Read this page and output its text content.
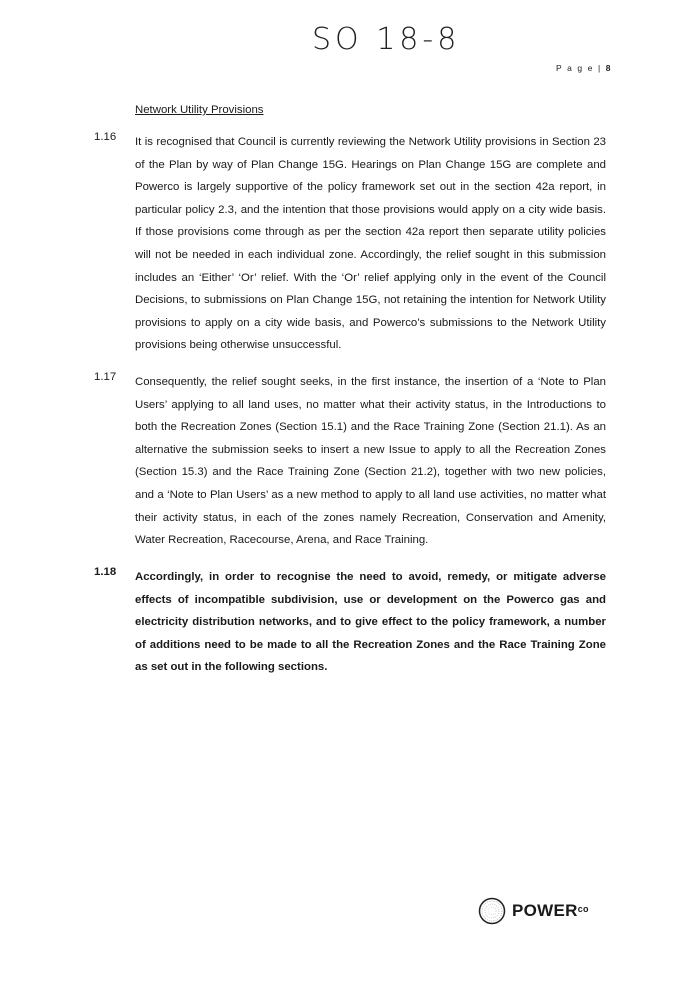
SO 18-8
P a g e | 8
Network Utility Provisions
1.16 It is recognised that Council is currently reviewing the Network Utility provisions in Section 23 of the Plan by way of Plan Change 15G. Hearings on Plan Change 15G are complete and Powerco is largely supportive of the policy framework set out in the section 42a report, in particular policy 2.3, and the intention that those provisions would apply on a city wide basis. If those provisions come through as per the section 42a report then separate utility policies will not be needed in each individual zone. Accordingly, the relief sought in this submission includes an ‘Either’ ‘Or’ relief. With the ‘Or’ relief applying only in the event of the Council Decisions, to submissions on Plan Change 15G, not retaining the intention for Network Utility provisions to apply on a city wide basis, and Powerco’s submissions to the Network Utility provisions being otherwise unsuccessful.
1.17 Consequently, the relief sought seeks, in the first instance, the insertion of a ‘Note to Plan Users’ applying to all land uses, no matter what their activity status, in the Introductions to both the Recreation Zones (Section 15.1) and the Race Training Zone (Section 21.1). As an alternative the submission seeks to insert a new Issue to apply to all the Recreation Zones (Section 15.3) and the Race Training Zone (Section 21.2), together with two new policies, and a ‘Note to Plan Users’ as a new method to apply to all land use activities, no matter what their activity status, in each of the zones namely Recreation, Conservation and Amenity, Water Recreation, Racecourse, Arena, and Race Training.
1.18 Accordingly, in order to recognise the need to avoid, remedy, or mitigate adverse effects of incompatible subdivision, use or development on the Powerco gas and electricity distribution networks, and to give effect to the policy framework, a number of additions need to be made to all the Recreation Zones and the Race Training Zone as set out in the following sections.
$POWER^{co}$
